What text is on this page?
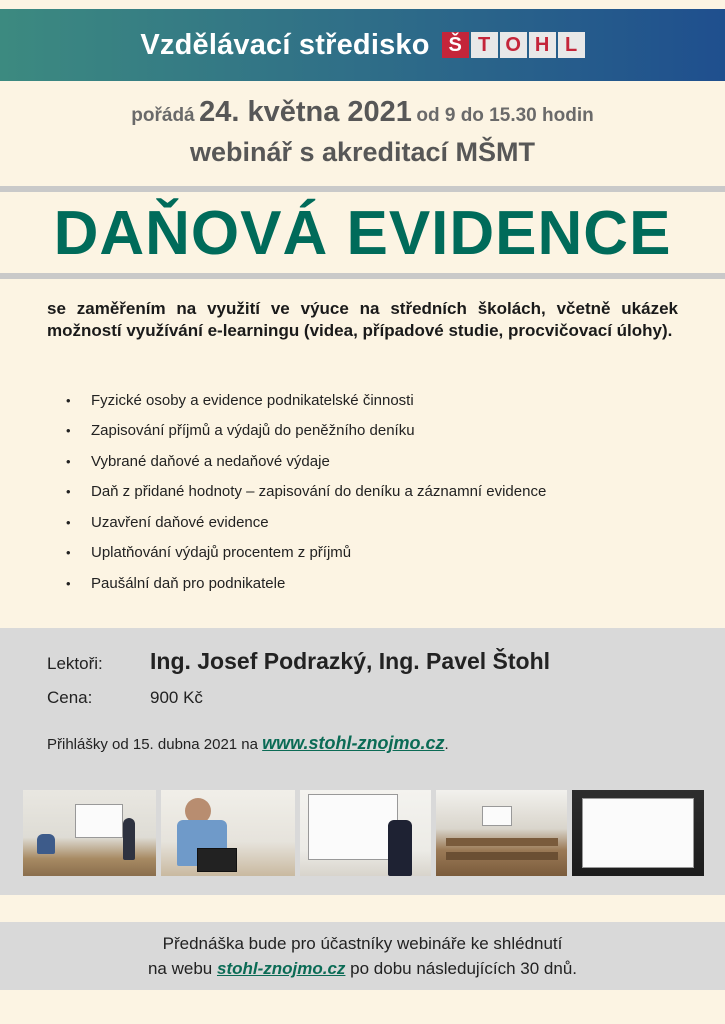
Vzdělávací středisko Š T O H L
pořádá 24. května 2021 od 9 do 15.30 hodin
webinář s akreditací MŠMT
DAŇOVÁ EVIDENCE

se zaměřením na využití ve výuce na středních školách, včetně ukázek možností využívání e-learningu (videa, případové studie, procvičovací úlohy).

•	Fyzické osoby a evidence podnikatelské činnosti
•	Zapisování příjmů a výdajů do peněžního deníku
•	Vybrané daňové a nedaňové výdaje
•	Daň z přidané hodnoty – zapisování do deníku a záznamní evidence
•	Uzavření daňové evidence
•	Uplatňování výdajů procentem z příjmů
•	Paušální daň pro podnikatele
Lektoři:	Ing. Josef Podrazký, Ing. Pavel Štohl
Cena:	900 Kč
Přihlášky od 15. dubna 2021 na www.stohl-znojmo.cz.
Přednáška bude pro účastníky webináře ke shlédnutí
na webu stohl-znojmo.cz po dobu následujících 30 dnů.
